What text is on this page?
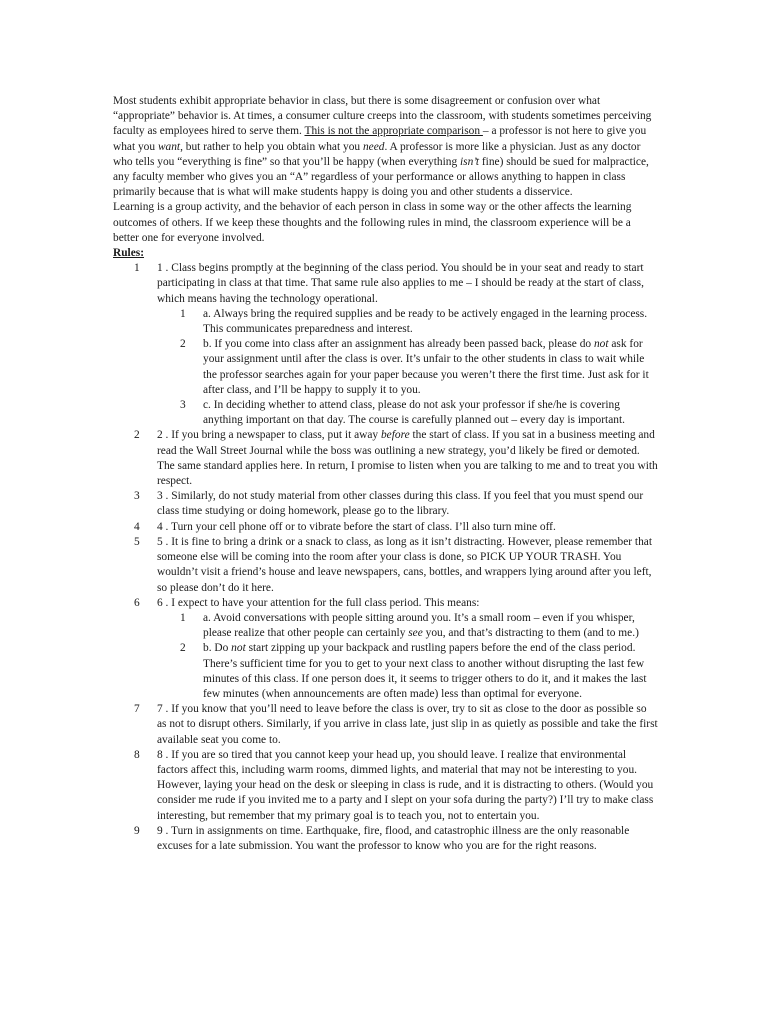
Most students exhibit appropriate behavior in class, but there is some disagreement or confusion over what “appropriate” behavior is. At times, a consumer culture creeps into the classroom, with students sometimes perceiving faculty as employees hired to serve them. This is not the appropriate comparison – a professor is not here to give you what you want, but rather to help you obtain what you need. A professor is more like a physician. Just as any doctor who tells you “everything is fine” so that you’ll be happy (when everything isn’t fine) should be sued for malpractice, any faculty member who gives you an “A” regardless of your performance or allows anything to happen in class primarily because that is what will make students happy is doing you and other students a disservice.

Learning is a group activity, and the behavior of each person in class in some way or the other affects the learning outcomes of others. If we keep these thoughts and the following rules in mind, the classroom experience will be a better one for everyone involved.

Rules:

1 1 . Class begins promptly at the beginning of the class period. You should be in your seat and ready to start participating in class at that time. That same rule also applies to me – I should be ready at the start of class, which means having the technology operational.
1 a. Always bring the required supplies and be ready to be actively engaged in the learning process. This communicates preparedness and interest.
2 b. If you come into class after an assignment has already been passed back, please do not ask for your assignment until after the class is over. It’s unfair to the other students in class to wait while the professor searches again for your paper because you weren’t there the first time. Just ask for it after class, and I’ll be happy to supply it to you.
3 c. In deciding whether to attend class, please do not ask your professor if she/he is covering anything important on that day. The course is carefully planned out – every day is important.
2 2 . If you bring a newspaper to class, put it away before the start of class. If you sat in a business meeting and read the Wall Street Journal while the boss was outlining a new strategy, you’d likely be fired or demoted. The same standard applies here. In return, I promise to listen when you are talking to me and to treat you with respect.
3 3 . Similarly, do not study material from other classes during this class. If you feel that you must spend our class time studying or doing homework, please go to the library.
4 4 . Turn your cell phone off or to vibrate before the start of class. I’ll also turn mine off.
5 5 . It is fine to bring a drink or a snack to class, as long as it isn’t distracting. However, please remember that someone else will be coming into the room after your class is done, so PICK UP YOUR TRASH. You wouldn’t visit a friend’s house and leave newspapers, cans, bottles, and wrappers lying around after you left, so please don’t do it here.
6 6 . I expect to have your attention for the full class period. This means:
1 a. Avoid conversations with people sitting around you. It’s a small room – even if you whisper, please realize that other people can certainly see you, and that’s distracting to them (and to me.)
2 b. Do not start zipping up your backpack and rustling papers before the end of the class period. There’s sufficient time for you to get to your next class to another without disrupting the last few minutes of this class. If one person does it, it seems to trigger others to do it, and it makes the last few minutes (when announcements are often made) less than optimal for everyone.
7 7 . If you know that you’ll need to leave before the class is over, try to sit as close to the door as possible so as not to disrupt others. Similarly, if you arrive in class late, just slip in as quietly as possible and take the first available seat you come to.
8 8 . If you are so tired that you cannot keep your head up, you should leave. I realize that environmental factors affect this, including warm rooms, dimmed lights, and material that may not be interesting to you. However, laying your head on the desk or sleeping in class is rude, and it is distracting to others. (Would you consider me rude if you invited me to a party and I slept on your sofa during the party?) I’ll try to make class interesting, but remember that my primary goal is to teach you, not to entertain you.
9 9 . Turn in assignments on time. Earthquake, fire, flood, and catastrophic illness are the only reasonable excuses for a late submission. You want the professor to know who you are for the right reasons.
